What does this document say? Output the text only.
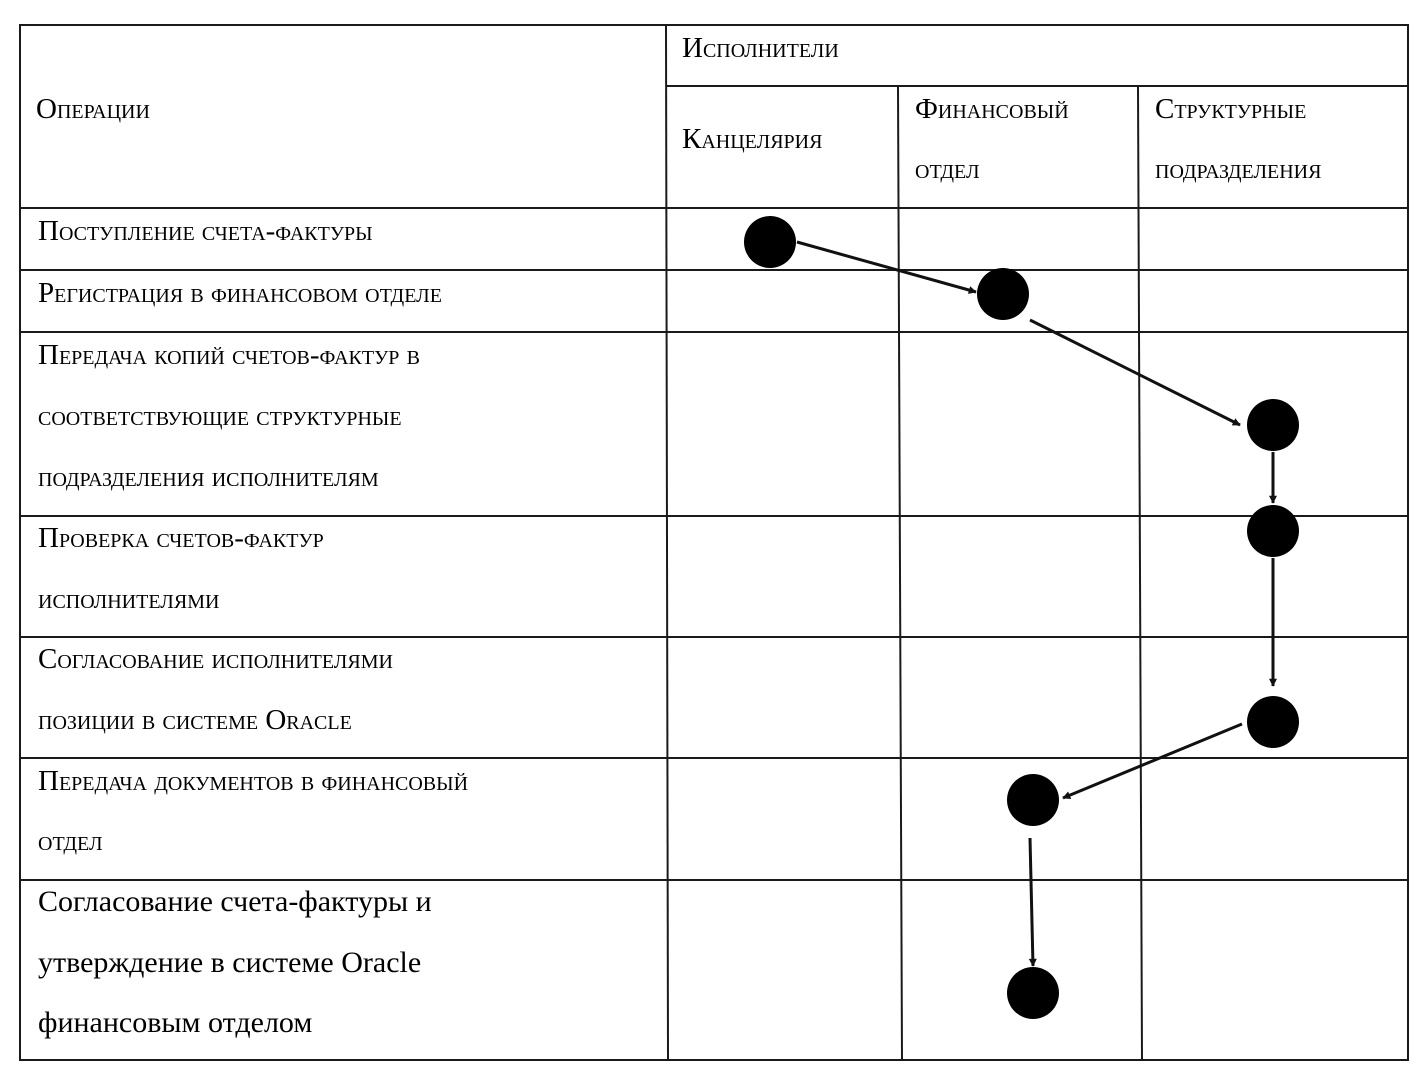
Операции
Исполнители
Канцелярия
Финансовый отдел
Структурные подразделения
Поступление счета-фактуры
Регистрация в финансовом отделе
Передача копий счетов-фактур в соответствующие структурные подразделения исполнителям
Проверка счетов-фактур исполнителями
Согласование исполнителями позиции в системе Oracle
Передача документов в финансовый отдел
Согласование счета-фактуры и утверждение в системе Oracle финансовым отделом
